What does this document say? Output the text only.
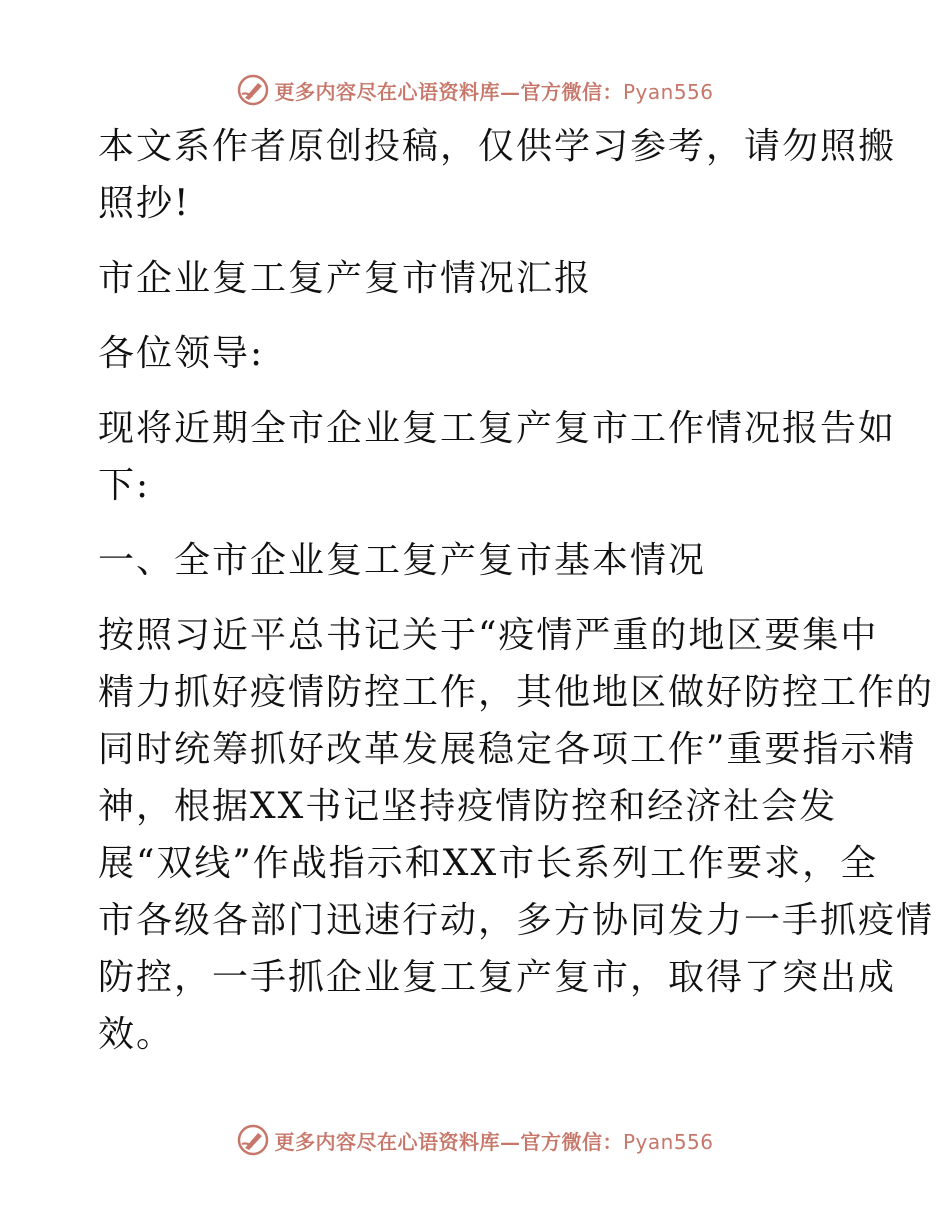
更多内容尽在心语资料库—官方微信：Pyan556
本文系作者原创投稿，仅供学习参考，请勿照搬
照抄!
市企业复工复产复市情况汇报
各位领导:
现将近期全市企业复工复产复市工作情况报告如
下:
一、全市企业复工复产复市基本情况
按照习近平总书记关于“疫情严重的地区要集中
精力抓好疫情防控工作，其他地区做好防控工作的
同时统筹抓好改革发展稳定各项工作”重要指示精
神，根据XX书记坚持疫情防控和经济社会发
展“双线”作战指示和XX市长系列工作要求，全
市各级各部门迅速行动，多方协同发力一手抓疫情
防控，一手抓企业复工复产复市，取得了突出成
效。
更多内容尽在心语资料库—官方微信：Pyan556
